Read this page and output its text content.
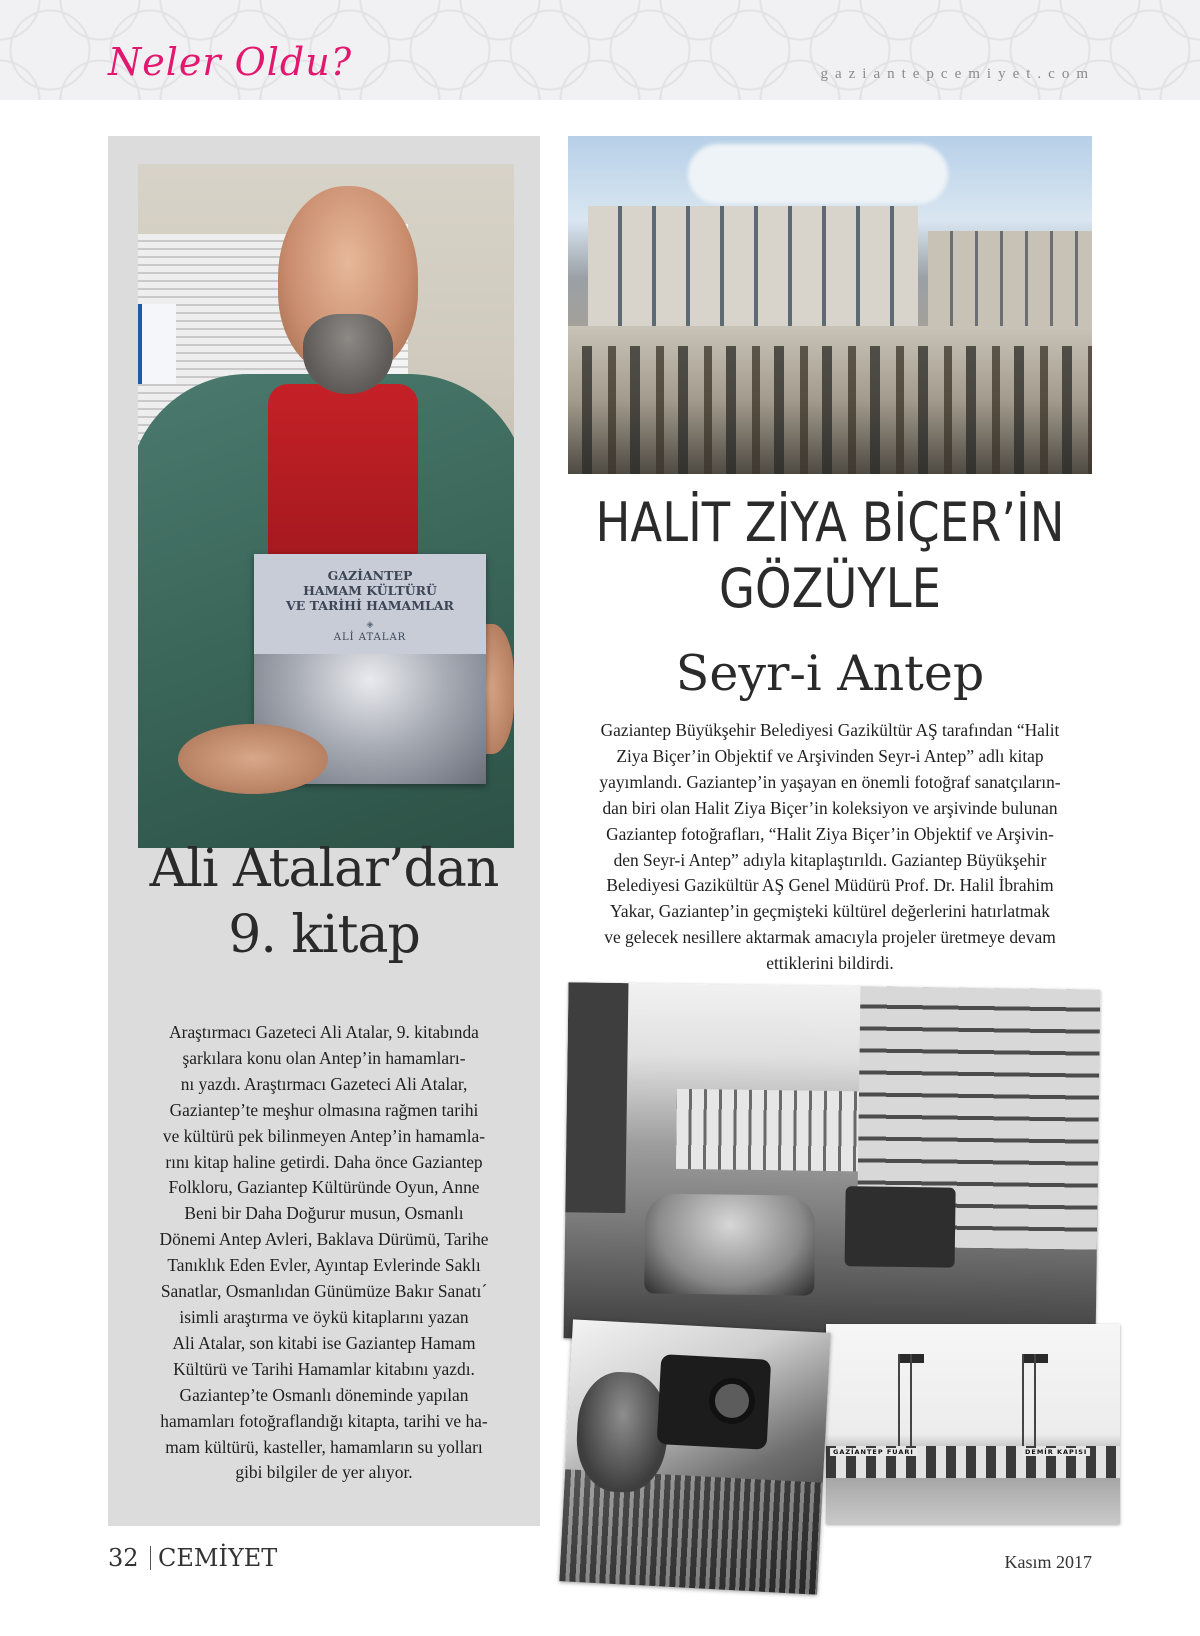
Neler Oldu?	gaziantepcemiyet.com
GAZİANTEP
HAMAM KÜLTÜRÜ
VE TARİHİ HAMAMLAR
◈
ALİ ATALAR
Ali Atalar’dan
9. kitap
Araştırmacı Gazeteci Ali Atalar, 9. kitabında
şarkılara konu olan Antep’in hamamları-
nı yazdı. Araştırmacı Gazeteci Ali Atalar,
Gaziantep’te meşhur olmasına rağmen tarihi
ve kültürü pek bilinmeyen Antep’in hamamla-
rını kitap haline getirdi. Daha önce Gaziantep
Folkloru, Gaziantep Kültüründe Oyun, Anne
Beni bir Daha Doğurur musun, Osmanlı
Dönemi Antep Avleri, Baklava Dürümü, Tarihe
Tanıklık Eden Evler, Ayıntap Evlerinde Saklı
Sanatlar, Osmanlıdan Günümüze Bakır Sanatı´
isimli araştırma ve öykü kitaplarını yazan
Ali Atalar, son kitabi ise Gaziantep Hamam
Kültürü ve Tarihi Hamamlar kitabını yazdı.
Gaziantep’te Osmanlı döneminde yapılan
hamamları fotoğraflandığı kitapta, tarihi ve ha-
mam kültürü, kasteller, hamamların su yolları
gibi bilgiler de yer alıyor.
HALİT ZİYA BİÇER’İN
GÖZÜYLE
Seyr-i Antep
Gaziantep Büyükşehir Belediyesi Gazikültür AŞ tarafından “Halit
Ziya Biçer’in Objektif ve Arşivinden Seyr-i Antep” adlı kitap
yayımlandı. Gaziantep’in yaşayan en önemli fotoğraf sanatçıların-
dan biri olan Halit Ziya Biçer’in koleksiyon ve arşivinde bulunan
Gaziantep fotoğrafları, “Halit Ziya Biçer’in Objektif ve Arşivin-
den Seyr-i Antep” adıyla kitaplaştırıldı. Gaziantep Büyükşehir
Belediyesi Gazikültür AŞ Genel Müdürü Prof. Dr. Halil İbrahim
Yakar, Gaziantep’in geçmişteki kültürel değerlerini hatırlatmak
ve gelecek nesillere aktarmak amacıyla projeler üretmeye devam
ettiklerini bildirdi.
GAZİANTEP FUARI	DEMİR KAPISI
32 CEMİYET	Kasım 2017
